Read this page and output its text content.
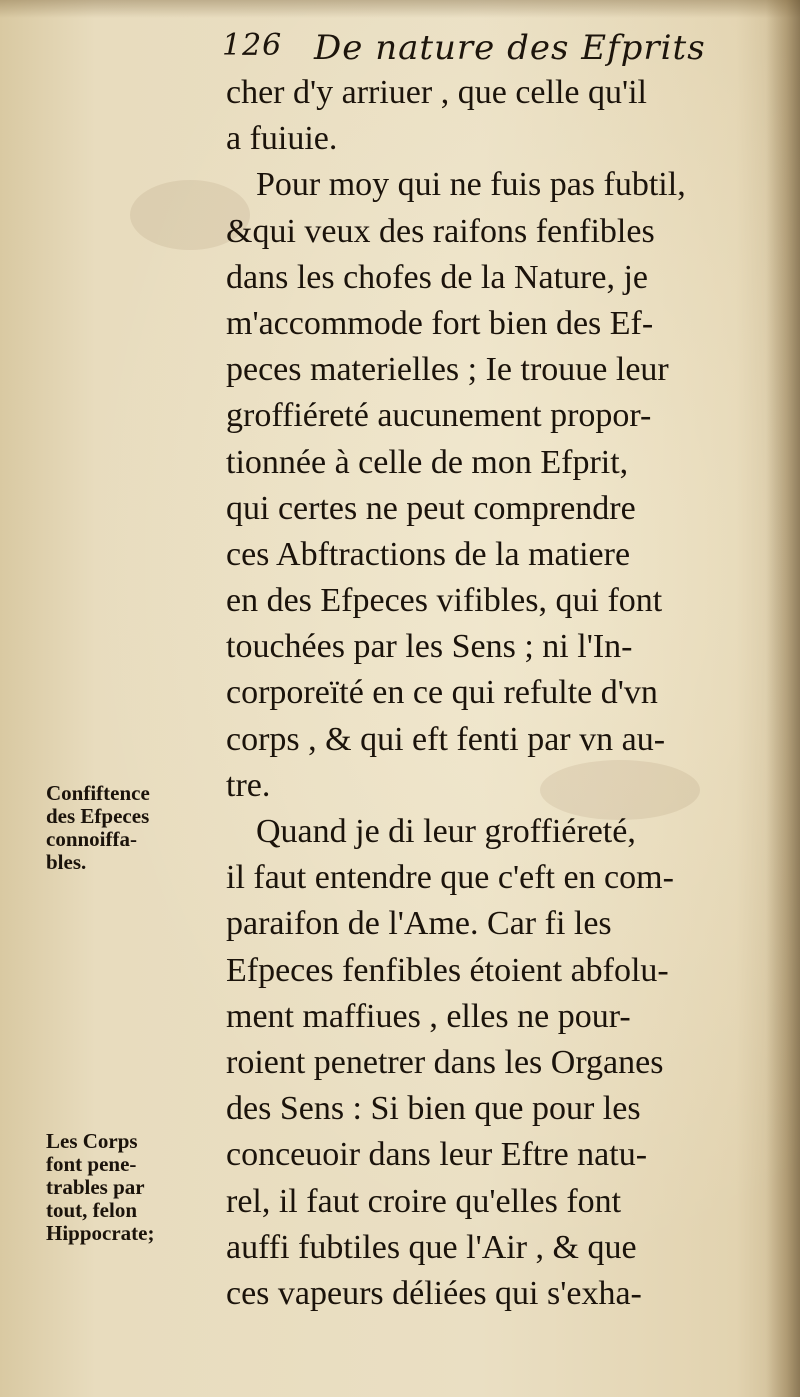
126 De nature des Efprits
cher d'y arriuer , que celle qu'il
a fuiuie.
Pour moy qui ne fuis pas fubtil,
&qui veux des raifons fenfibles
dans les chofes de la Nature, je
m'accommode fort bien des Ef-
peces materielles ; Ie trouue leur
groffiéreté aucunement propor-
tionnée à celle de mon Efprit,
qui certes ne peut comprendre
ces Abftractions de la matiere
en des Efpeces vifibles, qui font
touchées par les Sens ; ni l'In-
corporeïté en ce qui refulte d'vn
corps , & qui eft fenti par vn au-
tre.
Quand je di leur groffiéreté,
il faut entendre que c'eft en com-
paraifon de l'Ame. Car fi les
Efpeces fenfibles étoient abfolu-
ment maffiues , elles ne pour-
roient penetrer dans les Organes
des Sens : Si bien que pour les
conceuoir dans leur Eftre natu-
rel, il faut croire qu'elles font
auffi fubtiles que l'Air , & que
ces vapeurs déliées qui s'exha-
Confiftence
des Efpeces
connoiffa-
bles.
Les Corps
font pene-
trables par
tout, felon
Hippocrate;
